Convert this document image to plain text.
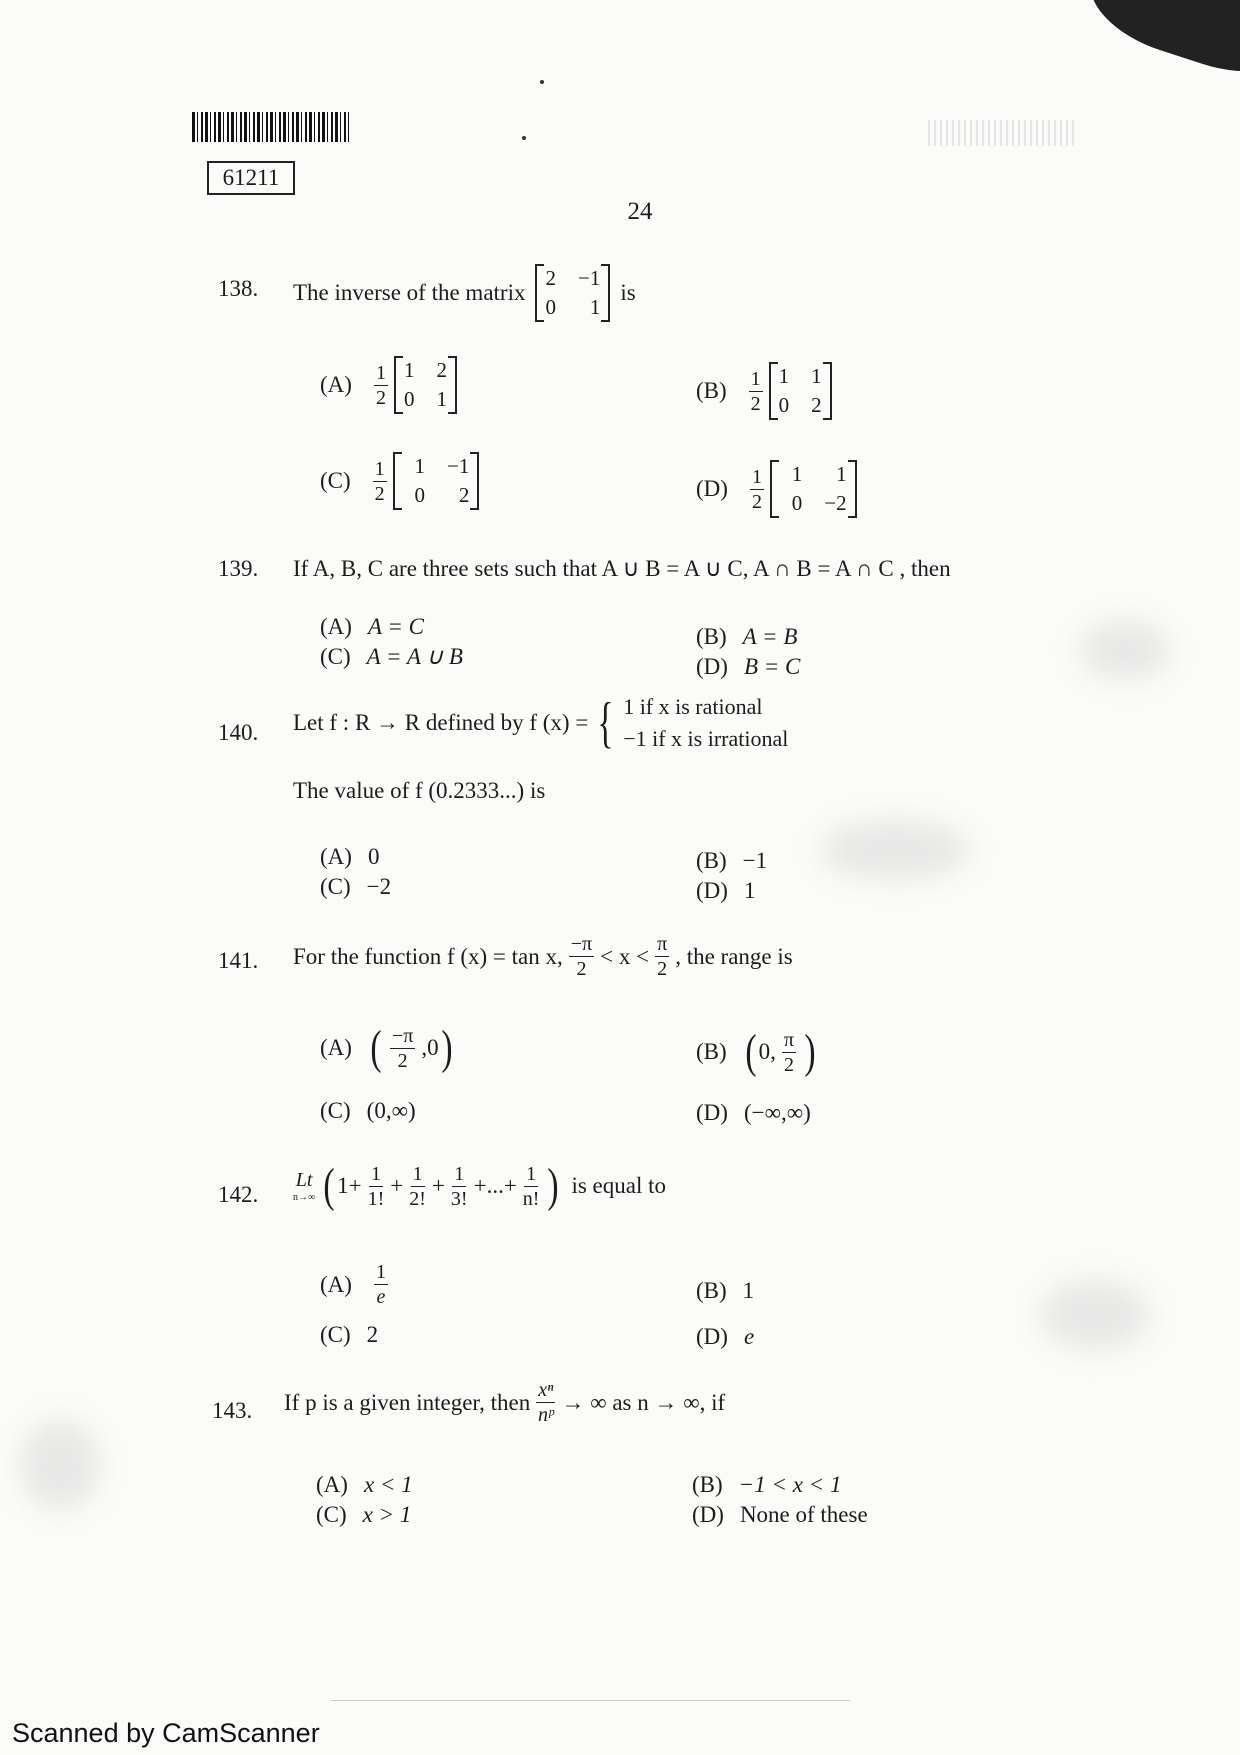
61211
24
138. The inverse of the matrix
2 −1
0	1
is
$(A) \frac{1}{2} 1$ 2
0 1	$(B) \frac{1}{2} 1$ 1
0 2
$(C) \frac{1}{2}$	1 −1
0	2	$(D) \frac{1}{2}$	1	1
0 −2
139. If A, B, C are three sets such that A ∪ B = A ∪ C, A ∩ B = A ∩ C , then
(A) A = C	(B) A = B
(C) A = A ∪ B	(D) B = C
140. Let f : R → R defined by f (x) = { 1 if x is rational
−1 if x is irrational
The value of f (0.2333...) is
(A) 0	(B) −1
(C) −2	(D) 1
141. For the function f (x) = tan x, $\frac{-\pi}{2} < x < \frac{\pi}{2}$ , the range is
(A) ( $\frac{-\pi}{2} ,0$ )	(B) ( 0, $\frac{\pi}{2}$ )
(C) (0,∞)	(D) (−∞,∞)
142.
Lt
n→∞ ( $1+ \frac{1}{1!} + \frac{1}{2!} + \frac{1}{3!}$ +...+ $\frac{1}{n!}$ ) is equal to
$(A) \frac{1}{e}$	(B) 1
(C) 2	(D) e
143. If p is a given integer, then $\frac{\text{xⁿ}}{\text{nᵖ}}$ → ∞ as n → ∞, if
(A) x < 1	(B) −1 < x < 1
(C) x > 1	(D) None of these
Scanned by CamScanner
